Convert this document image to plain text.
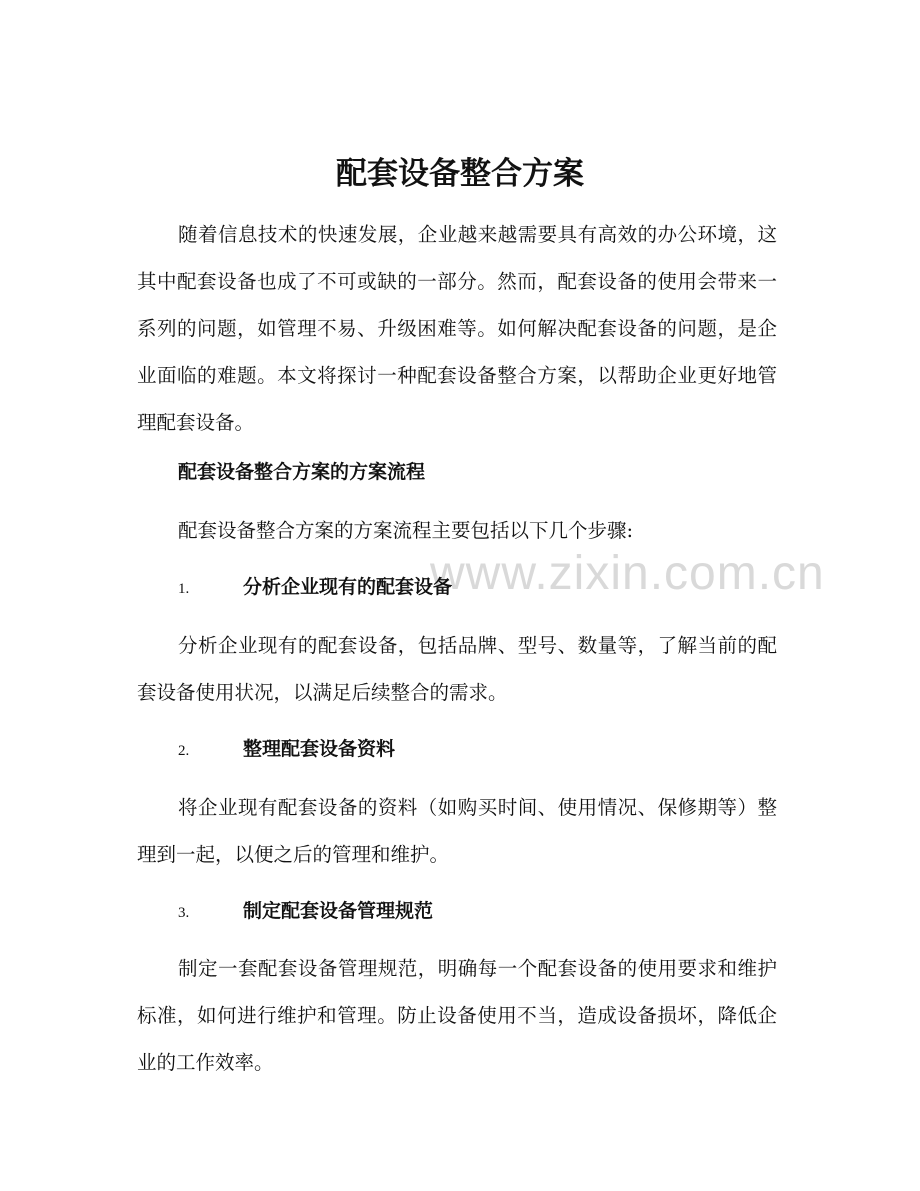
www.zixin.com.cn
配套设备整合方案

随着信息技术的快速发展，企业越来越需要具有高效的办公环境，这其中配套设备也成了不可或缺的一部分。然而，配套设备的使用会带来一系列的问题，如管理不易、升级困难等。如何解决配套设备的问题，是企业面临的难题。本文将探讨一种配套设备整合方案，以帮助企业更好地管理配套设备。

配套设备整合方案的方案流程

配套设备整合方案的方案流程主要包括以下几个步骤:

1.	分析企业现有的配套设备

分析企业现有的配套设备，包括品牌、型号、数量等，了解当前的配套设备使用状况，以满足后续整合的需求。

2.	整理配套设备资料

将企业现有配套设备的资料（如购买时间、使用情况、保修期等）整理到一起，以便之后的管理和维护。

3.	制定配套设备管理规范

制定一套配套设备管理规范，明确每一个配套设备的使用要求和维护标准，如何进行维护和管理。防止设备使用不当，造成设备损坏，降低企业的工作效率。
